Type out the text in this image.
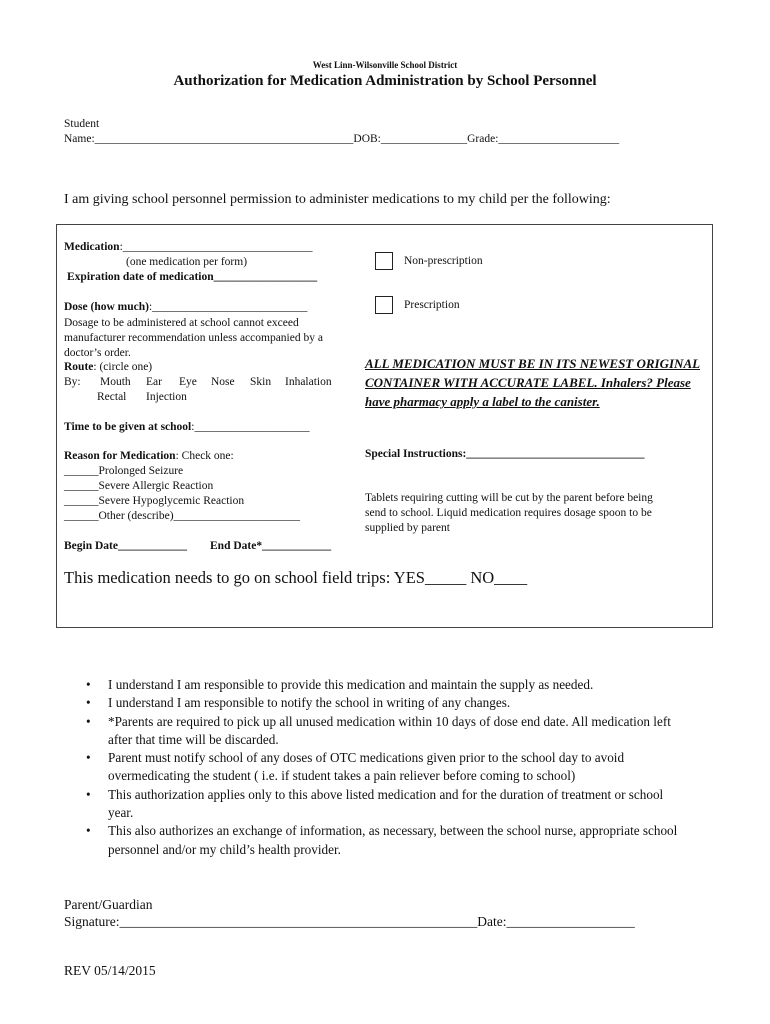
West Linn-Wilsonville School District
Authorization for Medication Administration by School Personnel
Student
Name:_____________________________________________DOB:_______________Grade:_____________________
I am giving school personnel permission to administer medications to my child per the following:
Medication:_________________________________
(one medication per form)
Expiration date of medication__________________
Dose (how much):___________________________
Dosage to be administered at school cannot exceed
manufacturer recommendation unless accompanied by a
doctor’s order.
Route: (circle one)
By: Mouth Ear Eye Nose Skin Inhalation
Rectal Injection
Time to be given at school:____________________
Reason for Medication: Check one:
______Prolonged Seizure
______Severe Allergic Reaction
______Severe Hypoglycemic Reaction
______Other (describe)______________________
Begin Date____________ End Date*____________
Non-prescription
Prescription
ALL MEDICATION MUST BE IN ITS NEWEST ORIGINAL CONTAINER WITH ACCURATE LABEL. Inhalers? Please have pharmacy apply a label to the canister.
Special Instructions:_______________________________
Tablets requiring cutting will be cut by the parent before being
send to school. Liquid medication requires dosage spoon to be
supplied by parent
This medication needs to go on school field trips: YES_____ NO____
• I understand I am responsible to provide this medication and maintain the supply as needed.
• I understand I am responsible to notify the school in writing of any changes.
• *Parents are required to pick up all unused medication within 10 days of dose end date. All medication left after that time will be discarded.
• Parent must notify school of any doses of OTC medications given prior to the school day to avoid overmedicating the student ( i.e. if student takes a pain reliever before coming to school)
• This authorization applies only to this above listed medication and for the duration of treatment or school year.
• This also authorizes an exchange of information, as necessary, between the school nurse, appropriate school personnel and/or my child’s health provider.
Parent/Guardian
Signature:_____________________________________________________Date:___________________
REV 05/14/2015
